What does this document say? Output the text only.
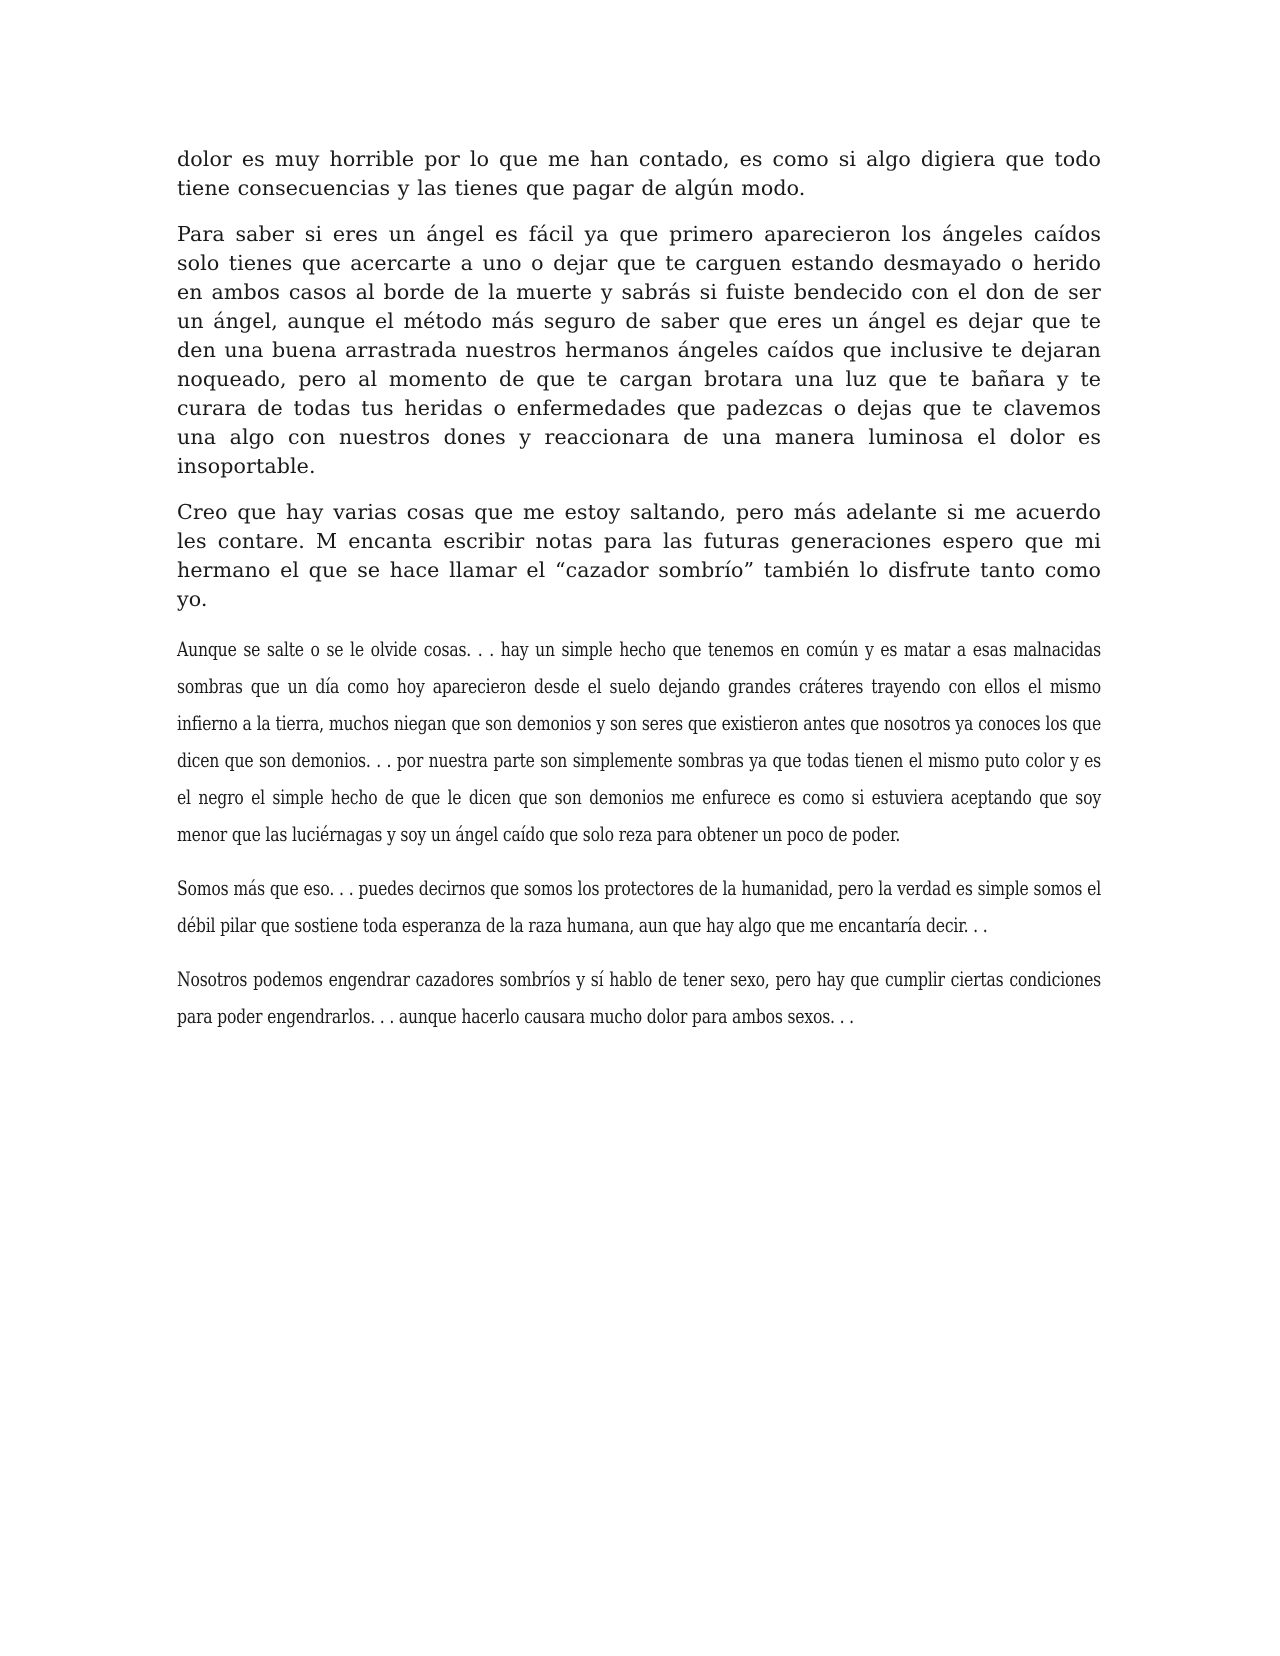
dolor es muy horrible por lo que me han contado, es como si algo digiera que todo tiene consecuencias y las tienes que pagar de algún modo.

Para saber si eres un ángel es fácil ya que primero aparecieron los ángeles caídos solo tienes que acercarte a uno o dejar que te carguen estando desmayado o herido en ambos casos al borde de la muerte y sabrás si fuiste bendecido con el don de ser un ángel, aunque el método más seguro de saber que eres un ángel es dejar que te den una buena arrastrada nuestros hermanos ángeles caídos que inclusive te dejaran noqueado, pero al momento de que te cargan brotara una luz que te bañara y te curara de todas tus heridas o enfermedades que padezcas o dejas que te clavemos una algo con nuestros dones y reaccionara de una manera luminosa el dolor es insoportable.

Creo que hay varias cosas que me estoy saltando, pero más adelante si me acuerdo les contare. M encanta escribir notas para las futuras generaciones espero que mi hermano el que se hace llamar el “cazador sombrío” también lo disfrute tanto como yo.

Aunque se salte o se le olvide cosas. . . hay un simple hecho que tenemos en común y es matar a esas malnacidas sombras que un día como hoy aparecieron desde el suelo dejando grandes cráteres trayendo con ellos el mismo infierno a la tierra, muchos niegan que son demonios y son seres que existieron antes que nosotros ya conoces los que dicen que son demonios. . . por nuestra parte son simplemente sombras ya que todas tienen el mismo puto color y es el negro el simple hecho de que le dicen que son demonios me enfurece es como si estuviera aceptando que soy menor que las luciérnagas y soy un ángel caído que solo reza para obtener un poco de poder.

Somos más que eso. . . puedes decirnos que somos los protectores de la humanidad, pero la verdad es simple somos el débil pilar que sostiene toda esperanza de la raza humana, aun que hay algo que me encantaría decir. . .

Nosotros podemos engendrar cazadores sombríos y sí hablo de tener sexo, pero hay que cumplir ciertas condiciones para poder engendrarlos. . . aunque hacerlo causara mucho dolor para ambos sexos. . .
